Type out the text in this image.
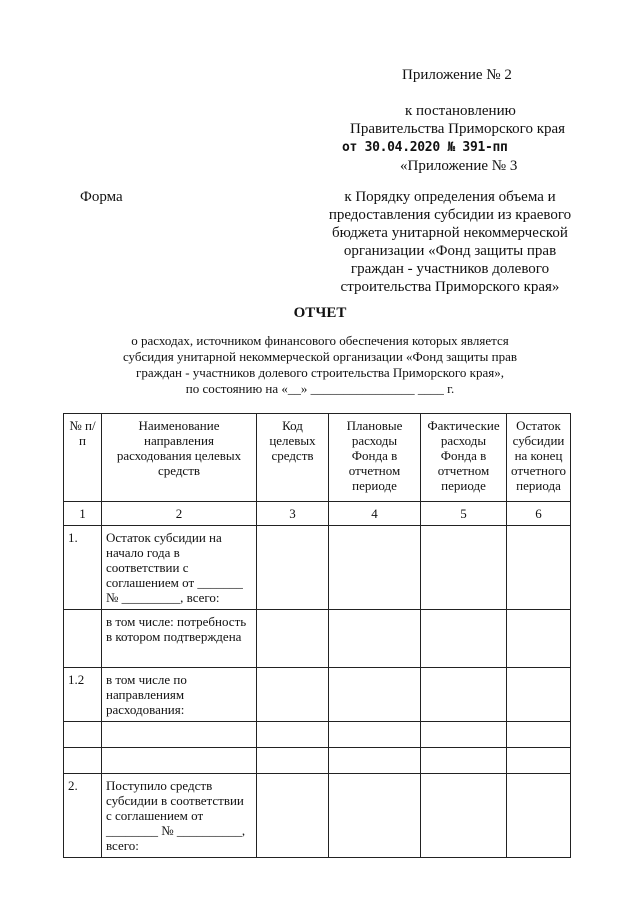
Приложение № 2
к постановлению
Правительства Приморского края
от 30.04.2020 № 391-пп
«Приложение № 3
Форма	к Порядку определения объема и
предоставления субсидии из краевого
бюджета унитарной некоммерческой
организации «Фонд защиты прав
граждан - участников долевого
строительства Приморского края»
ОТЧЕТ
о расходах, источником финансового обеспечения которых является
субсидия унитарной некоммерческой организации «Фонд защиты прав
граждан - участников долевого строительства Приморского края»,
по состоянию на «__» ________________ ____ г.
№ п/п	Наименование направления расходования целевых средств	Код целевых средств	Плановые расходы Фонда в отчетном периоде	Фактические расходы Фонда в отчетном периоде	Остаток субсидии на конец отчетного периода
1	2	3	4	5	6
1.	Остаток субсидии на начало года в соответствии с соглашением от _______ № _________, всего:				
	в том числе: потребность в котором подтверждена				
1.2	в том числе по направлениям расходования:				

2.	Поступило средств субсидии в соответствии с соглашением от ________ № __________, всего:				
